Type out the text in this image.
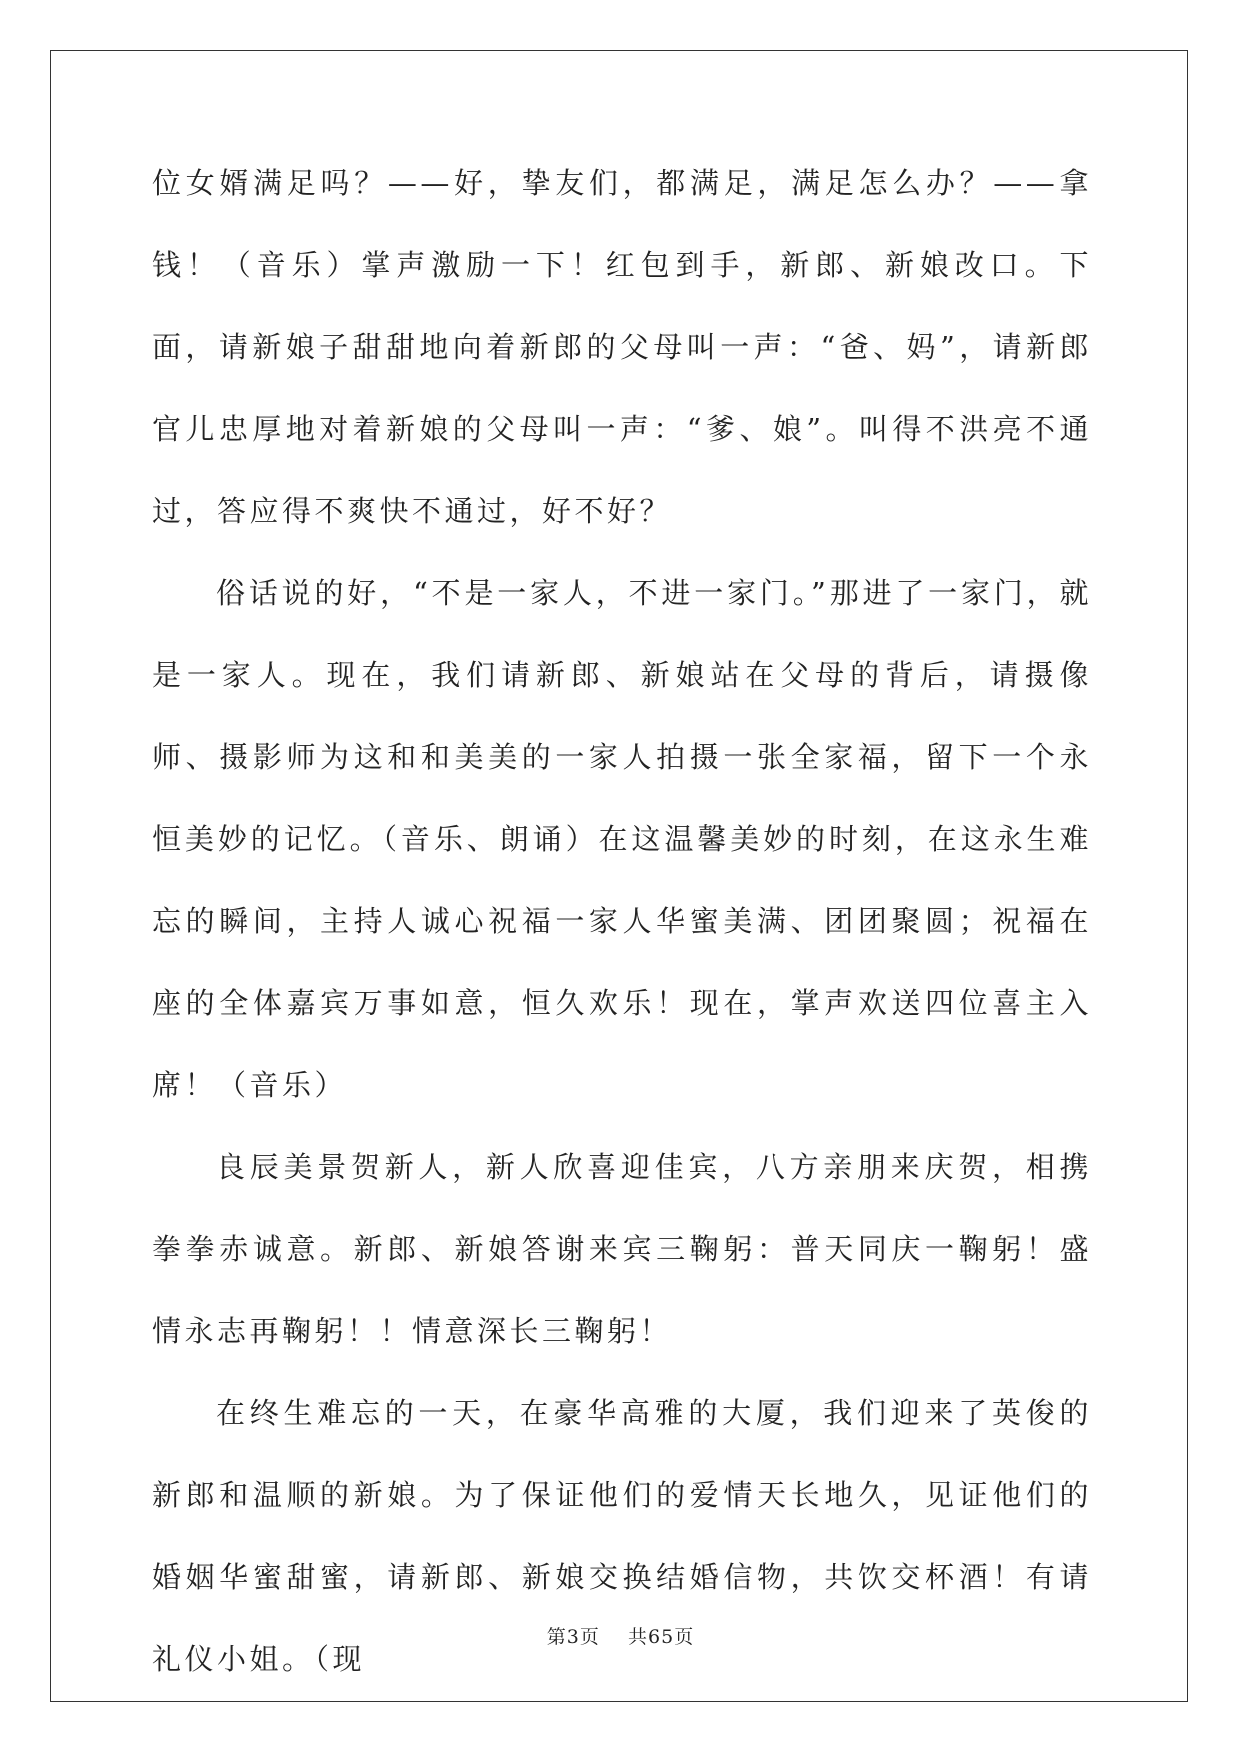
位女婿满足吗？——好，挚友们，都满足，满足怎么办？——拿钱！（音乐）掌声激励一下！红包到手，新郎、新娘改口。下面，请新娘子甜甜地向着新郎的父母叫一声：“爸、妈”，请新郎官儿忠厚地对着新娘的父母叫一声：“爹、娘”。叫得不洪亮不通过，答应得不爽快不通过，好不好？

俗话说的好，“不是一家人，不进一家门。”那进了一家门，就是一家人。现在，我们请新郎、新娘站在父母的背后，请摄像师、摄影师为这和和美美的一家人拍摄一张全家福，留下一个永恒美妙的记忆。（音乐、朗诵）在这温馨美妙的时刻，在这永生难忘的瞬间，主持人诚心祝福一家人华蜜美满、团团聚圆；祝福在座的全体嘉宾万事如意，恒久欢乐！现在，掌声欢送四位喜主入席！（音乐）

良辰美景贺新人，新人欣喜迎佳宾，八方亲朋来庆贺，相携拳拳赤诚意。新郎、新娘答谢来宾三鞠躬：普天同庆一鞠躬！盛情永志再鞠躬！！情意深长三鞠躬！

在终生难忘的一天，在豪华高雅的大厦，我们迎来了英俊的新郎和温顺的新娘。为了保证他们的爱情天长地久，见证他们的婚姻华蜜甜蜜，请新郎、新娘交换结婚信物，共饮交杯酒！有请礼仪小姐。（现

第3页 共65页
